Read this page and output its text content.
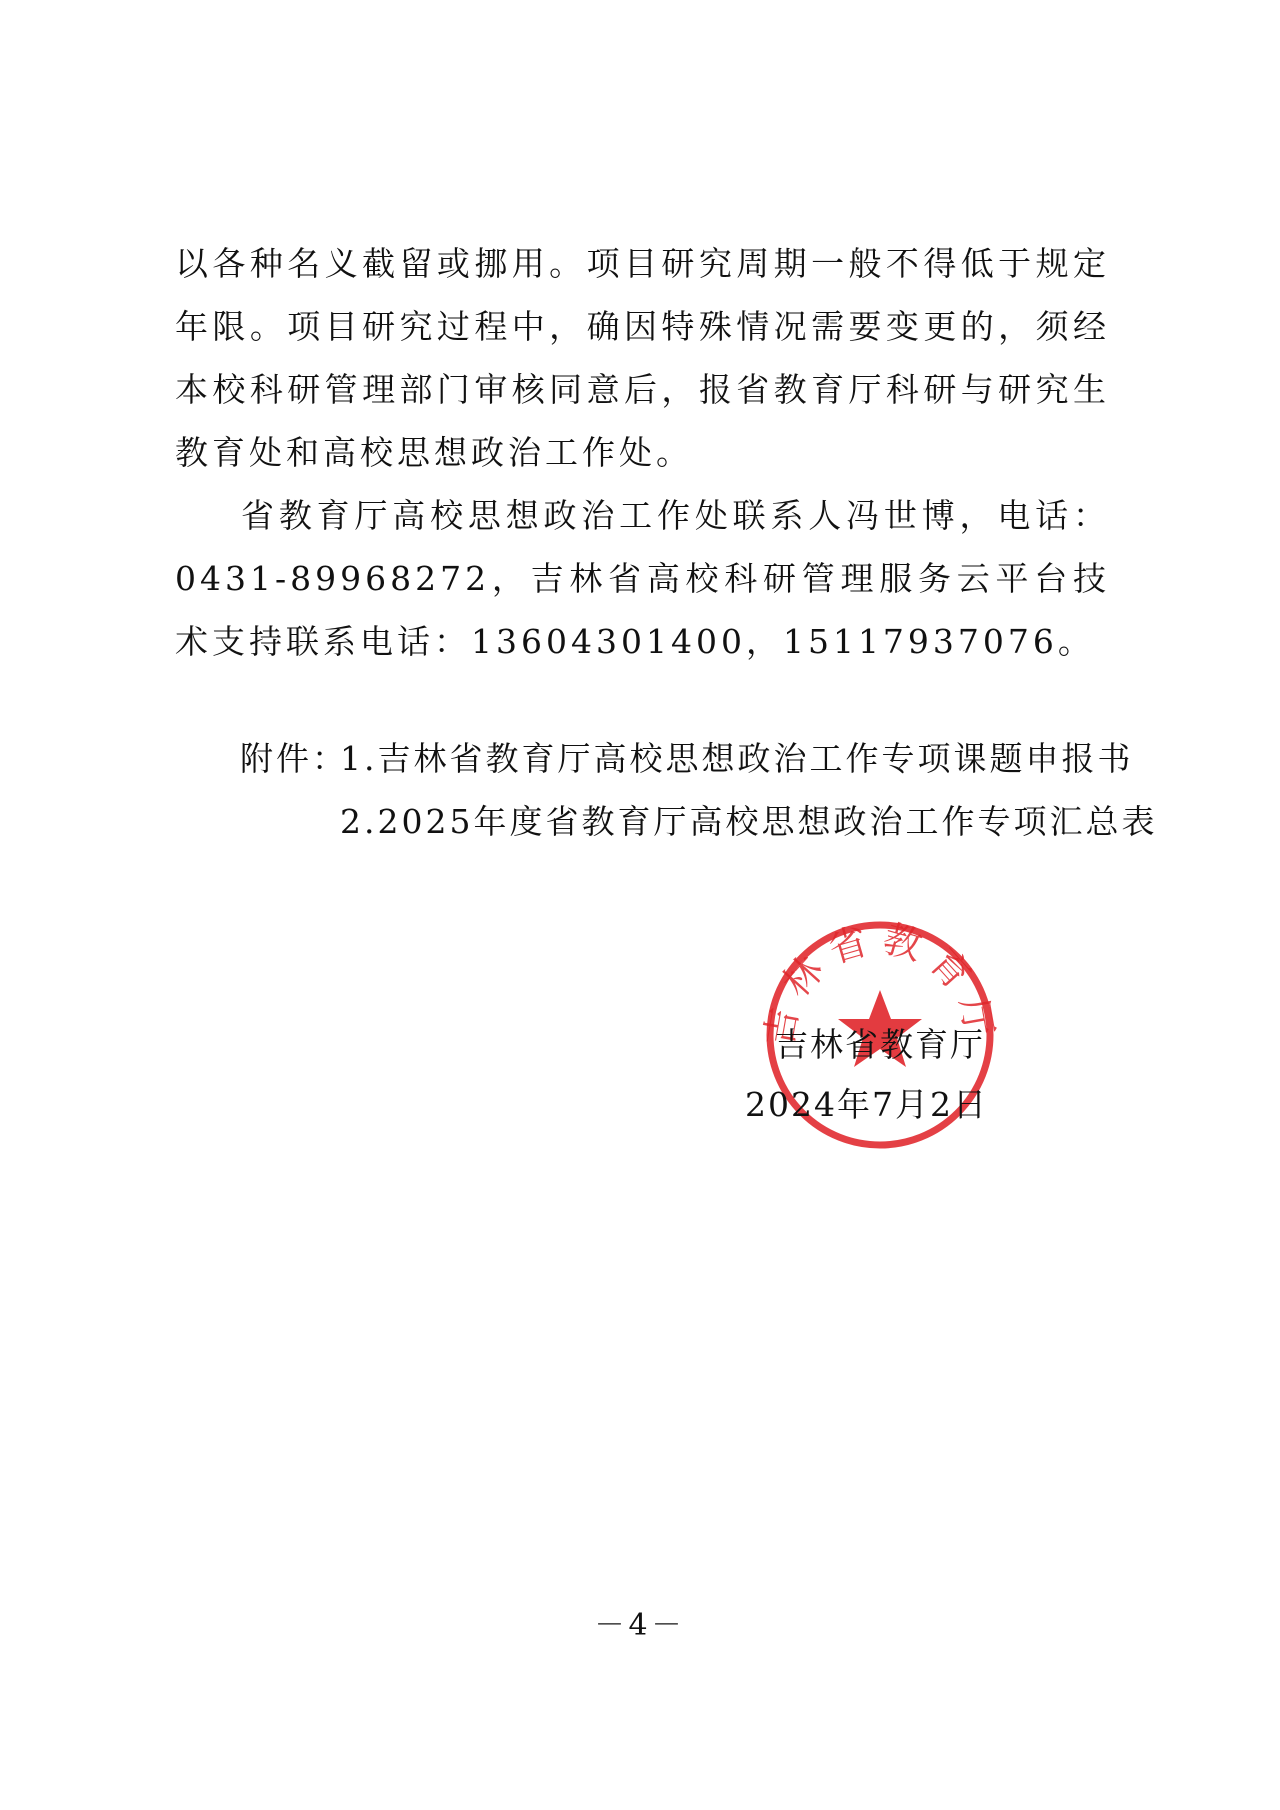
以各种名义截留或挪用。项目研究周期一般不得低于规定年限。项目研究过程中，确因特殊情况需要变更的，须经本校科研管理部门审核同意后，报省教育厅科研与研究生教育处和高校思想政治工作处。

省教育厅高校思想政治工作处联系人冯世博，电话：0431-89968272，吉林省高校科研管理服务云平台技术支持联系电话：13604301400，15117937076。

附件：1.吉林省教育厅高校思想政治工作专项课题申报书
2.2025年度省教育厅高校思想政治工作专项汇总表
吉林省教育厅
吉林省教育厅
2024年7月2日
－4－
